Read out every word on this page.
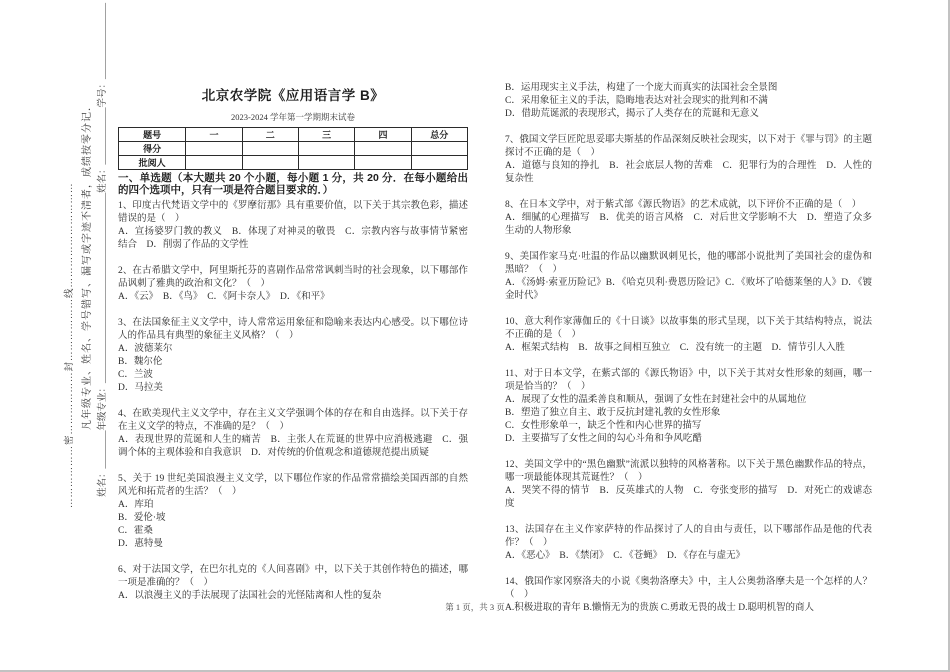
………………密………………封………………线………………………… 凡年级专业、姓名、学号错写、漏写或字迹不清者，成绩按零分记． 姓名：________年级专业：________________________________________姓名：____________学号：________________	北京农学院《应用语言学 B》
2023-2024 学年第一学期期末试卷
题号	一	二	三	四	总分
得分					
批阅人					
一、单选题（本大题共 20 个小题，每小题 1 分，共 20 分．在每小题给出的四个选项中，只有一项是符合题目要求的．）

1、印度古代梵语文学中的《罗摩衍那》具有重要价值，以下关于其宗教色彩，描述错误的是（　）

A．宣扬婆罗门教的教义　B．体现了对神灵的敬畏　C．宗教内容与故事情节紧密结合　D．削弱了作品的文学性

2、在古希腊文学中，阿里斯托芬的喜剧作品常常讽刺当时的社会现象，以下哪部作品讽刺了雅典的政治和文化？（　）

A．《云》　B．《鸟》　C．《阿卡奈人》　D．《和平》

3、在法国象征主义文学中，诗人常常运用象征和隐喻来表达内心感受。以下哪位诗人的作品具有典型的象征主义风格？（　）

A．波德莱尔

B．魏尔伦

C．兰波

D．马拉美

4、在欧美现代主义文学中，存在主义文学强调个体的存在和自由选择。以下关于存在主义文学的特点，不准确的是？（　）

A．表现世界的荒诞和人生的痛苦　B．主张人在荒诞的世界中应消极逃避　C．强调个体的主观体验和自我意识　D．对传统的价值观念和道德规范提出质疑

5、关于 19 世纪美国浪漫主义文学，以下哪位作家的作品常常描绘美国西部的自然风光和拓荒者的生活？（　）

A．库珀

B．爱伦·坡

C．霍桑

D．惠特曼

6、对于法国文学，在巴尔扎克的《人间喜剧》中，以下关于其创作特色的描述，哪一项是准确的？（　）

A．以浪漫主义的手法展现了法国社会的光怪陆离和人性的复杂

B．运用现实主义手法，构建了一个庞大而真实的法国社会全景图

C．采用象征主义的手法，隐晦地表达对社会现实的批判和不满

D．借助荒诞派的表现形式，揭示了人类存在的荒诞和无意义

7、俄国文学巨匠陀思妥耶夫斯基的作品深刻反映社会现实，以下对于《罪与罚》的主题探讨不正确的是（　）

A．道德与良知的挣扎　B．社会底层人物的苦难　C．犯罪行为的合理性　D．人性的复杂性

8、在日本文学中，对于紫式部《源氏物语》的艺术成就，以下评价不正确的是（　）

A．细腻的心理描写　B．优美的语言风格　C．对后世文学影响不大　D．塑造了众多生动的人物形象

9、美国作家马克·吐温的作品以幽默讽刺见长，他的哪部小说批判了美国社会的虚伪和黑暗？（　）

A．《汤姆·索亚历险记》B．《哈克贝利·费恩历险记》C．《败坏了哈德莱堡的人》D．《镀金时代》

10、意大利作家薄伽丘的《十日谈》以故事集的形式呈现，以下关于其结构特点，说法不正确的是（　）

A．框架式结构　B．故事之间相互独立　C．没有统一的主题　D．情节引人入胜

11、对于日本文学，在紫式部的《源氏物语》中，以下关于其对女性形象的刻画，哪一项是恰当的？（　）

A．展现了女性的温柔善良和顺从，强调了女性在封建社会中的从属地位

B．塑造了独立自主、敢于反抗封建礼教的女性形象

C．女性形象单一，缺乏个性和内心世界的描写

D．主要描写了女性之间的勾心斗角和争风吃醋

12、美国文学中的“黑色幽默”流派以独特的风格著称。以下关于黑色幽默作品的特点，哪一项最能体现其荒诞性？（　）

A．哭笑不得的情节　B．反英雄式的人物　C．夸张变形的描写　D．对死亡的戏谑态度

13、法国存在主义作家萨特的作品探讨了人的自由与责任，以下哪部作品是他的代表作？（　）

A．《恶心》　B．《禁闭》　C．《苍蝇》　D．《存在与虚无》

14、俄国作家冈察洛夫的小说《奥勃洛摩夫》中，主人公奥勃洛摩夫是一个怎样的人？（　）

A.积极进取的青年 B.懒惰无为的贵族 C.勇敢无畏的战士 D.聪明机智的商人

第 1 页，共 3 页
